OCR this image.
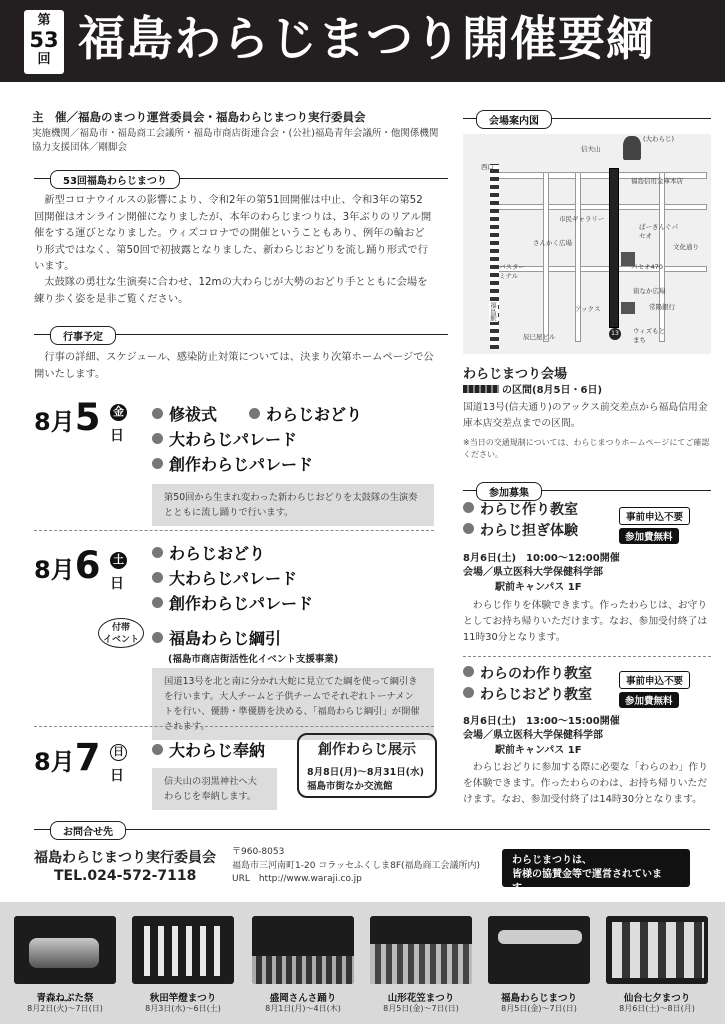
第
53
回 福島わらじまつり開催要綱
主　催／福島のまつり運営委員会・福島わらじまつり実行委員会
実施機関／福島市・福島商工会議所・福島市商店街連合会・(公社)福島青年会議所・他関係機関
協力支援団体／剛脚会
53回福島わらじまつり
新型コロナウイルスの影響により、令和2年の第51回開催は中止、令和3年の第52回開催はオンライン開催になりましたが、本年のわらじまつりは、3年ぶりのリアル開催をする運びとなりました。ウィズコロナでの開催ということもあり、例年の輪おどり形式ではなく、第50回で初披露となりました、新わらじおどりを流し踊り形式で行います。
太鼓隊の勇壮な生演奏に合わせ、12mの大わらじが大勢のおどり手とともに会場を練り歩く姿を是非ご覧ください。
行事予定
行事の詳細、スケジュール、感染防止対策については、決まり次第ホームページで公開いたします。
8月5 金
日
修祓式　　	わらじおどり
大わらじパレード
創作わらじパレード
第50回から生まれ変わった新わらじおどりを太鼓隊の生演奏とともに流し踊りで行います。
8月6 土
日
わらじおどり
大わらじパレード
創作わらじパレード
付帯
イベント	福島わらじ綱引
(福島市商店街活性化イベント支援事業)
国道13号を北と南に分かれ大蛇に見立てた綱を使って綱引きを行います。大人チームと子供チームでそれぞれトーナメントを行い、優勝・準優勝を決める、「福島わらじ綱引」が開催されます。
8月7 日
日
大わらじ奉納
信夫山の羽黒神社へ大わらじを奉納します。
創作わらじ展示
8月8日(月)〜8月31日(水)
福島市街なか交流館
会場案内図
13
信夫山
(大わらじ)
福島信用金庫本店
市民ギャラリー
ぱーきんぐパセオ
さんかく広場
パセオ470
バスターミナル
街なか広場
アックス	常陽銀行
辰巳屋ビル
ウィズもとまち
福島駅
文化通り
西口
わらじまつり会場
の区間(8月5日・6日)
国道13号(信夫通り)のアックス前交差点から福島信用金庫本店交差点までの区間。
※当日の交通規制については、わらじまつりホームページにてご確認ください。
参加募集
わらじ作り教室
わらじ担ぎ体験
事前申込不要
参加費無料
8月6日(土)　10:00〜12:00開催
会場／県立医科大学保健科学部
駅前キャンパス 1F
わらじ作りを体験できます。作ったわらじは、お守りとしてお持ち帰りいただけます。なお、参加受付終了は11時30分となります。
わらのわ作り教室
わらじおどり教室
事前申込不要
参加費無料
8月6日(土)　13:00〜15:00開催
会場／県立医科大学保健科学部
駅前キャンパス 1F
わらじおどりに参加する際に必要な「わらのわ」作りを体験できます。作ったわらのわは、お持ち帰りいただけます。なお、参加受付終了は14時30分となります。
お問合せ先
福島わらじまつり実行委員会
TEL.024-572-7118
〒960-8053
福島市三河南町1-20 コラッセふくしま8F(福島商工会議所内)
URL　http://www.waraji.co.jp
わらじまつりは、
皆様の協賛金等で運営されています。
青森ねぶた祭
8月2日(火)〜7日(日)
秋田竿燈まつり
8月3日(水)〜6日(土)
盛岡さんさ踊り
8月1日(月)〜4日(木)
山形花笠まつり
8月5日(金)〜7日(日)
福島わらじまつり
8月5日(金)〜7日(日)
仙台七夕まつり
8月6日(土)〜8日(月)
